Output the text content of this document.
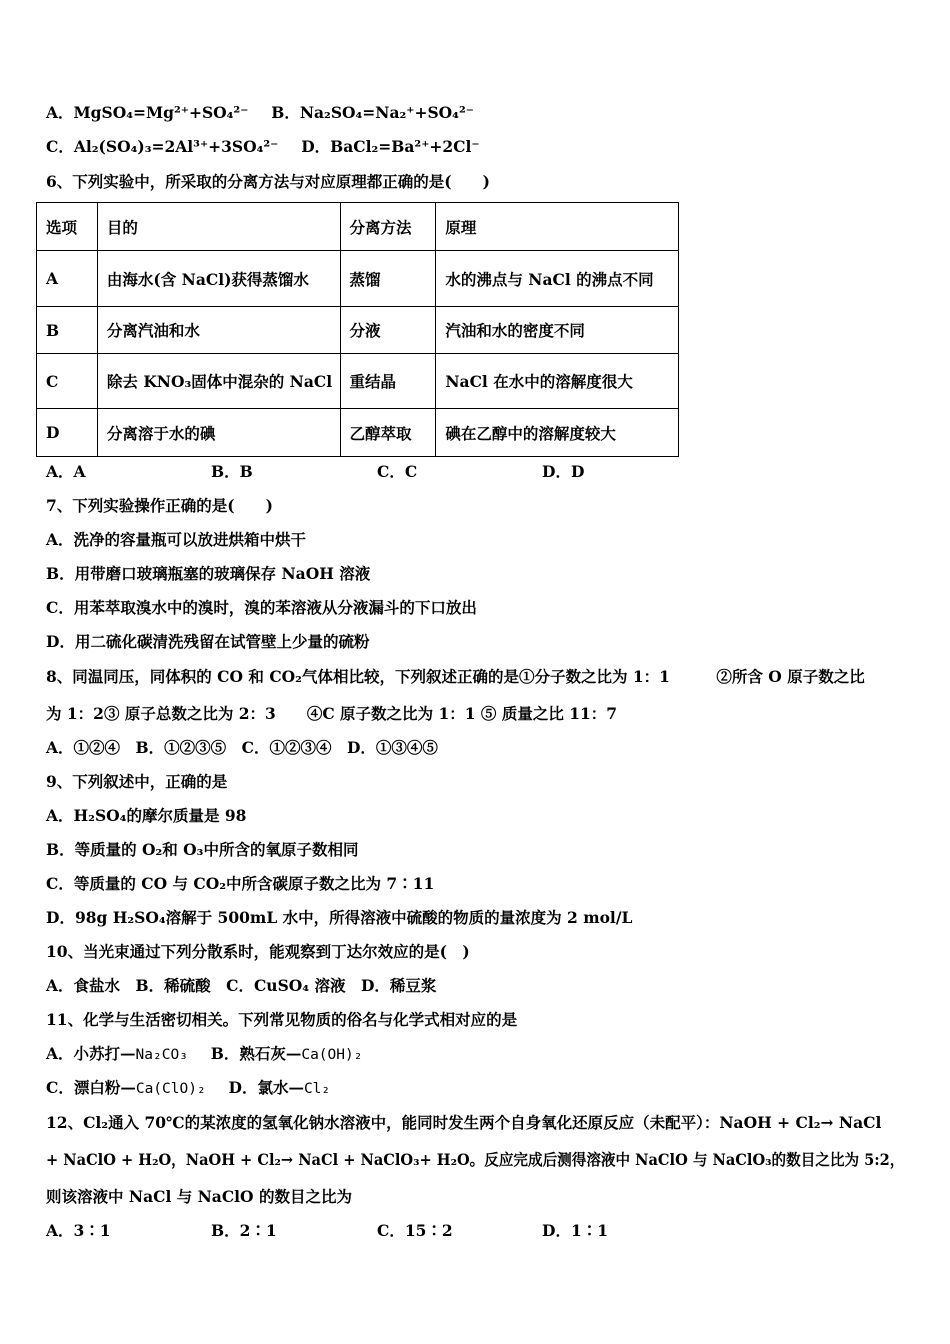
A．MgSO₄=Mg²⁺+SO₄²⁻ B．Na₂SO₄=Na₂⁺+SO₄²⁻
C．Al₂(SO₄)₃=2Al³⁺+3SO₄²⁻ D．BaCl₂=Ba²⁺+2Cl⁻
6、下列实验中，所采取的分离方法与对应原理都正确的是(　　)
选项	目的	分离方法	原理
A	由海水(含 NaCl)获得蒸馏水	蒸馏	水的沸点与 NaCl 的沸点不同
B	分离汽油和水	分液	汽油和水的密度不同
C	除去 KNO₃固体中混杂的 NaCl	重结晶	NaCl 在水中的溶解度很大
D	分离溶于水的碘	乙醇萃取	碘在乙醇中的溶解度较大
A．A	B．B	C．C	D．D
7、下列实验操作正确的是(　　)
A．洗净的容量瓶可以放进烘箱中烘干
B．用带磨口玻璃瓶塞的玻璃保存 NaOH 溶液
C．用苯萃取溴水中的溴时，溴的苯溶液从分液漏斗的下口放出
D．用二硫化碳清洗残留在试管壁上少量的硫粉
8、同温同压，同体积的 CO 和 CO₂气体相比较，下列叙述正确的是①分子数之比为 1：1　　　②所含 O 原子数之比
为 1：2③ 原子总数之比为 2：3　　④C 原子数之比为 1：1 ⑤ 质量之比 11：7
A．①②④　B．①②③⑤　C．①②③④　D．①③④⑤
9、下列叙述中，正确的是
A．H₂SO₄的摩尔质量是 98
B．等质量的 O₂和 O₃中所含的氧原子数相同
C．等质量的 CO 与 CO₂中所含碳原子数之比为 7∶11
D．98g H₂SO₄溶解于 500mL 水中，所得溶液中硫酸的物质的量浓度为 2 mol/L
10、当光束通过下列分散系时，能观察到丁达尔效应的是(　)
A．食盐水　B．稀硫酸　C．CuSO₄ 溶液　D．稀豆浆
11、化学与生活密切相关。下列常见物质的俗名与化学式相对应的是
A．小苏打—Na₂CO₃ B．熟石灰—Ca(OH)₂
C．漂白粉—Ca(ClO)₂ D．氯水—Cl₂
12、Cl₂通入 70℃的某浓度的氢氧化钠水溶液中，能同时发生两个自身氧化还原反应（未配平）：NaOH + Cl₂→ NaCl
+ NaClO + H₂O，NaOH + Cl₂→ NaCl + NaClO₃+ H₂O。反应完成后测得溶液中 NaClO 与 NaClO₃的数目之比为 5:2，
则该溶液中 NaCl 与 NaClO 的数目之比为
A．3∶1	B．2∶1	C．15∶2	D．1∶1
